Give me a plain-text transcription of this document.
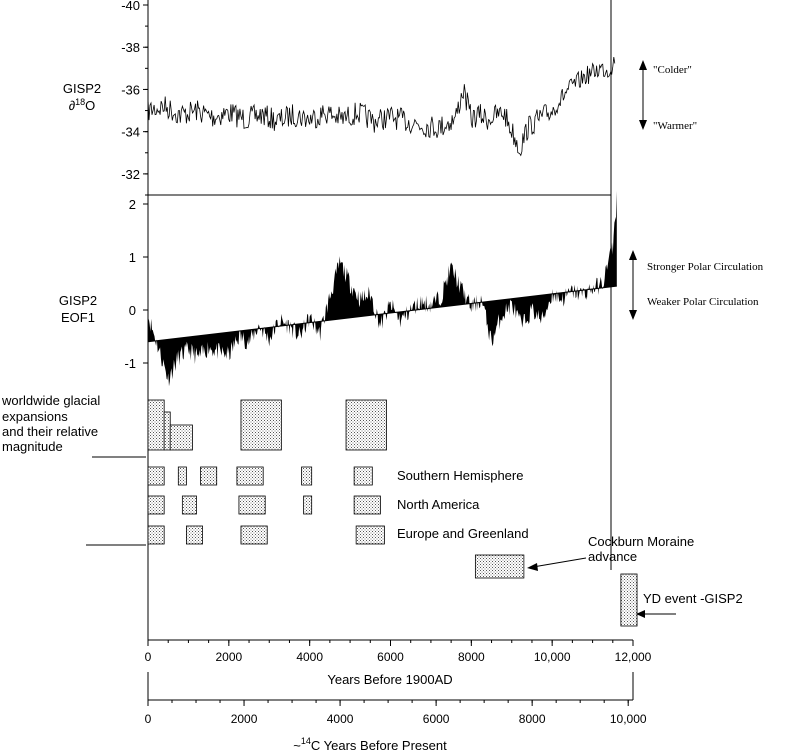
GISP2
∂$^{18}$O
-40
-38
-36
-34
-32
"Colder"
"Warmer"
GISP2
EOF1
2
1
0
-1
Stronger Polar Circulation
Weaker Polar Circulation
worldwide glacial
expansions
and their relative
magnitude
Southern Hemisphere
North America
Europe and Greenland
Cockburn Moraine
advance
YD event -GISP2
0	2000	4000	6000	8000	10,000	12,000
Years Before 1900AD
0	2000	4000	6000	8000	10,000
~$^{14}$C Years Before Present
